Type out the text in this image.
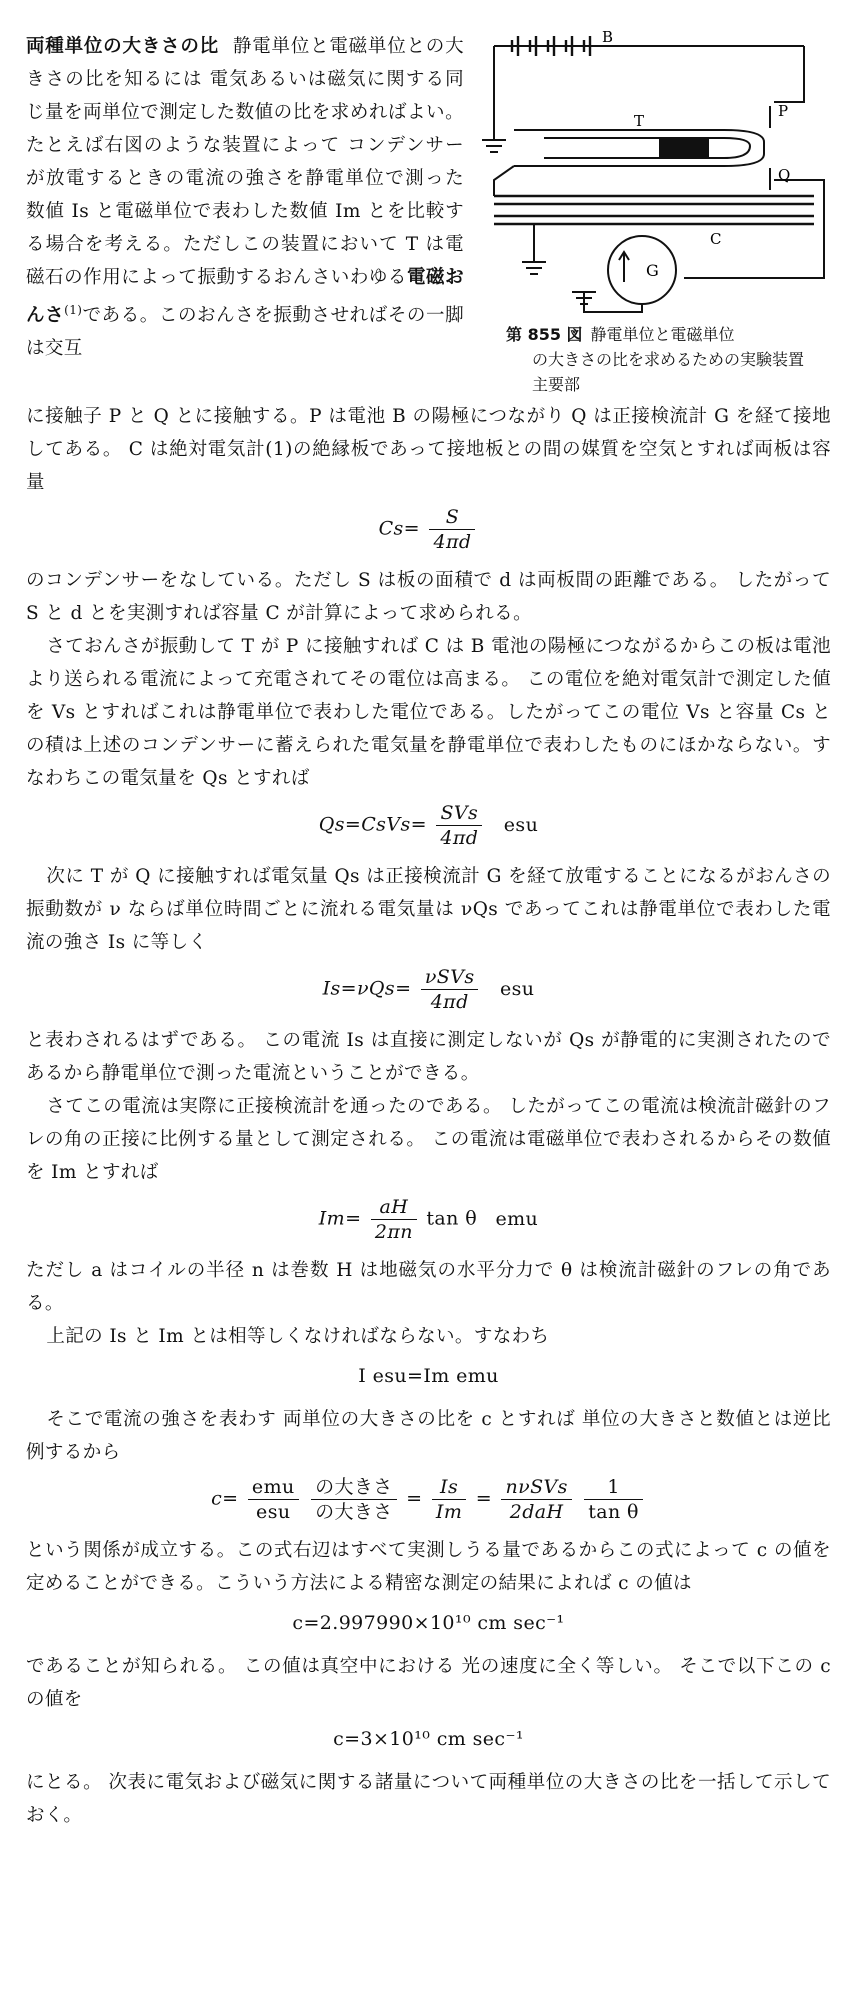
両種単位の大きさの比 静電単位と電磁単位との大きさの比を知るには 電気あるいは磁気に関する同じ量を両単位で測定した数値の比を求めればよい。たとえば右図のような装置によって コンデンサーが放電するときの電流の強さを静電単位で測った 数値 Is と電磁単位で表わした数値 Im とを比較する場合を考える。ただしこの装置において T は電磁石の作用によって振動するおんさいわゆる電磁おんさ$^{(1)}$である。このおんさを振動させればその一脚は交互
B
T
P
Q
C
G
第 855 図 静電単位と電磁単位
の大きさの比を求めるための実験装置主要部

に接触子 P と Q とに接触する。P は電池 B の陽極につながり Q は正接検流計 G を経て接地してある。 C は絶対電気計(1)の絶縁板であって接地板との間の媒質を空気とすれば両板は容量

$Cs= \frac{S}{4\pi d}$

のコンデンサーをなしている。ただし S は板の面積で d は両板間の距離である。 したがって S と d とを実測すれば容量 C が計算によって求められる。

さておんさが振動して T が P に接触すれば C は B 電池の陽極につながるからこの板は電池より送られる電流によって充電されてその電位は高まる。 この電位を絶対電気計で測定した値を Vs とすればこれは静電単位で表わした電位である。したがってこの電位 Vs と容量 Cs との積は上述のコンデンサーに蓄えられた電気量を静電単位で表わしたものにほかならない。すなわちこの電気量を Qs とすれば

Qs=CsVs= $\frac{\text{SVs}}{4\pi d}$ esu

次に T が Q に接触すれば電気量 Qs は正接検流計 G を経て放電することになるがおんさの振動数が ν ならば単位時間ごとに流れる電気量は νQs であってこれは静電単位で表わした電流の強さ Is に等しく

$Is=\nu Qs= \frac{\text{νSVs}}{4\pi d}$ esu

と表わされるはずである。 この電流 Is は直接に測定しないが Qs が静電的に実測されたのであるから静電単位で測った電流ということができる。

さてこの電流は実際に正接検流計を通ったのである。 したがってこの電流は検流計磁針のフレの角の正接に比例する量として測定される。 この電流は電磁単位で表わされるからその数値を Im とすれば

$Im= \frac{aH}{2\pi n}$ tan θ emu

ただし a はコイルの半径 n は巻数 H は地磁気の水平分力で θ は検流計磁針のフレの角である。

上記の Is と Im とは相等しくなければならない。すなわち

I esu=Im emu

そこで電流の強さを表わす 両単位の大きさの比を c とすれば 単位の大きさと数値とは逆比例するから

$c= \frac{\text{emu}}{\text{esu}}$
$\frac{\text{の大きさ}}{\text{の大きさ}} = \frac{Is}{Im} = \frac{\text{nνSVs}}{\text{2daH}}$
$\frac{1}{\text{tan θ}}$

という関係が成立する。この式右辺はすべて実測しうる量であるからこの式によって c の値を定めることができる。こういう方法による精密な測定の結果によれば c の値は

c=2.997990×10¹⁰ cm sec⁻¹

であることが知られる。 この値は真空中における 光の速度に全く等しい。 そこで以下この c の値を

c=3×10¹⁰ cm sec⁻¹

にとる。 次表に電気および磁気に関する諸量について両種単位の大きさの比を一括して示しておく。
